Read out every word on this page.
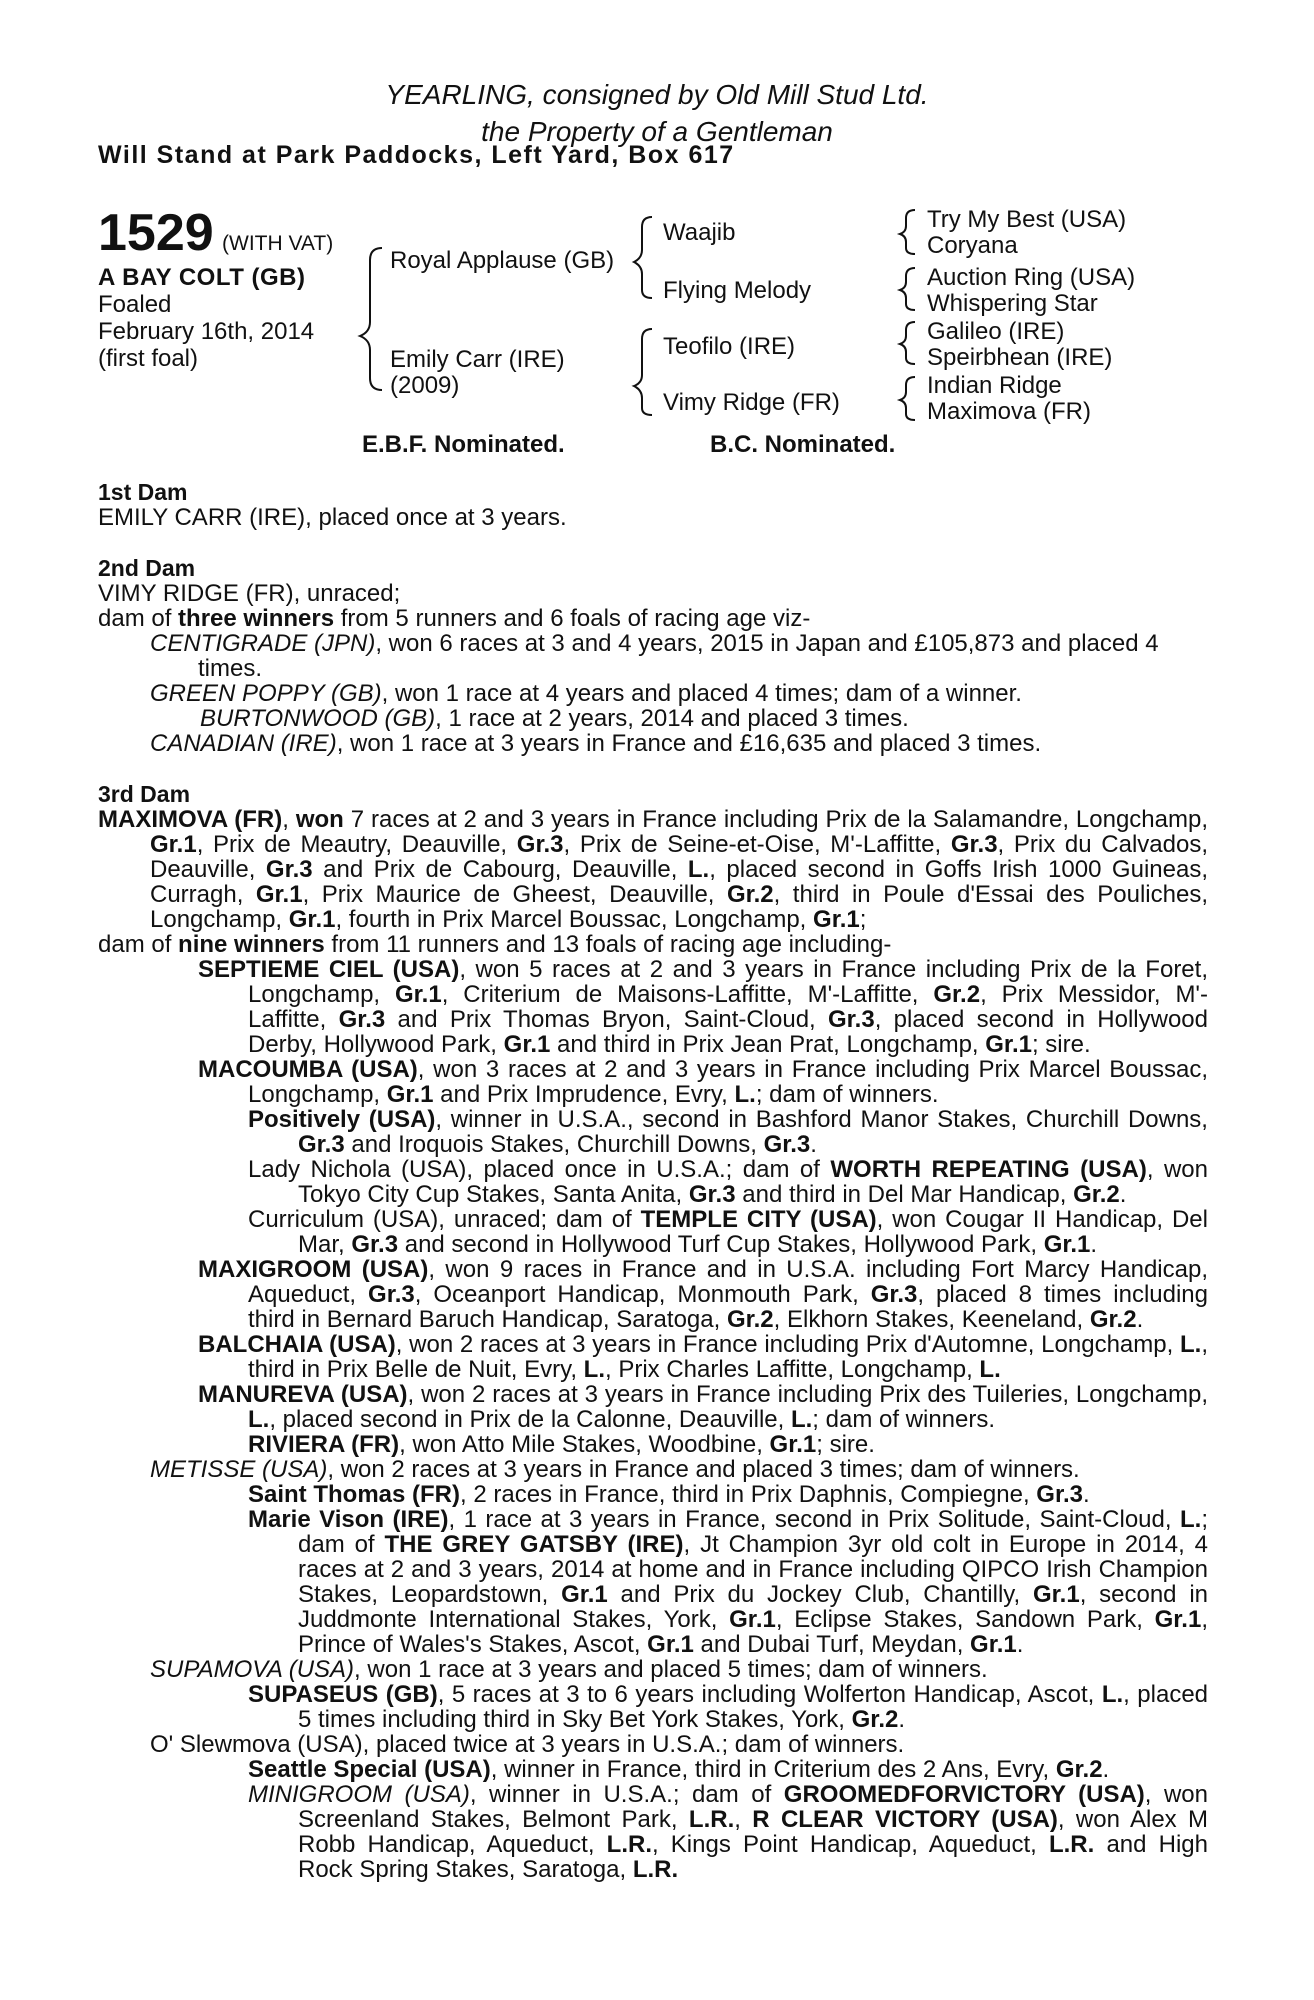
YEARLING, consigned by Old Mill Stud Ltd.
the Property of a Gentleman
Will Stand at Park Paddocks, Left Yard, Box 617
1529 (WITH VAT)
A BAY COLT (GB)
Foaled
February 16th, 2014
(first foal)
Royal Applause (GB)
Emily Carr (IRE)
(2009)
Waajib
Flying Melody
Teofilo (IRE)
Vimy Ridge (FR)
Try My Best (USA)
Coryana
Auction Ring (USA)
Whispering Star
Galileo (IRE)
Speirbhean (IRE)
Indian Ridge
Maximova (FR)
E.B.F. Nominated.	B.C. Nominated.

1st Dam

EMILY CARR (IRE), placed once at 3 years.

2nd Dam

VIMY RIDGE (FR), unraced;

dam of three winners from 5 runners and 6 foals of racing age viz-

CENTIGRADE (JPN), won 6 races at 3 and 4 years, 2015 in Japan and £105,873 and placed 4 times.

GREEN POPPY (GB), won 1 race at 4 years and placed 4 times; dam of a winner.

BURTONWOOD (GB), 1 race at 2 years, 2014 and placed 3 times.

CANADIAN (IRE), won 1 race at 3 years in France and £16,635 and placed 3 times.

3rd Dam

MAXIMOVA (FR), won 7 races at 2 and 3 years in France including Prix de la Salamandre, Longchamp, Gr.1, Prix de Meautry, Deauville, Gr.3, Prix de Seine-et-Oise, M'-Laffitte, Gr.3, Prix du Calvados, Deauville, Gr.3 and Prix de Cabourg, Deauville, L., placed second in Goffs Irish 1000 Guineas, Curragh, Gr.1, Prix Maurice de Gheest, Deauville, Gr.2, third in Poule d'Essai des Pouliches, Longchamp, Gr.1, fourth in Prix Marcel Boussac, Longchamp, Gr.1;

dam of nine winners from 11 runners and 13 foals of racing age including-

SEPTIEME CIEL (USA), won 5 races at 2 and 3 years in France including Prix de la Foret, Longchamp, Gr.1, Criterium de Maisons-Laffitte, M'-Laffitte, Gr.2, Prix Messidor, M'-Laffitte, Gr.3 and Prix Thomas Bryon, Saint-Cloud, Gr.3, placed second in Hollywood Derby, Hollywood Park, Gr.1 and third in Prix Jean Prat, Longchamp, Gr.1; sire.

MACOUMBA (USA), won 3 races at 2 and 3 years in France including Prix Marcel Boussac, Longchamp, Gr.1 and Prix Imprudence, Evry, L.; dam of winners.

Positively (USA), winner in U.S.A., second in Bashford Manor Stakes, Churchill Downs, Gr.3 and Iroquois Stakes, Churchill Downs, Gr.3.

Lady Nichola (USA), placed once in U.S.A.; dam of WORTH REPEATING (USA), won Tokyo City Cup Stakes, Santa Anita, Gr.3 and third in Del Mar Handicap, Gr.2.

Curriculum (USA), unraced; dam of TEMPLE CITY (USA), won Cougar II Handicap, Del Mar, Gr.3 and second in Hollywood Turf Cup Stakes, Hollywood Park, Gr.1.

MAXIGROOM (USA), won 9 races in France and in U.S.A. including Fort Marcy Handicap, Aqueduct, Gr.3, Oceanport Handicap, Monmouth Park, Gr.3, placed 8 times including third in Bernard Baruch Handicap, Saratoga, Gr.2, Elkhorn Stakes, Keeneland, Gr.2.

BALCHAIA (USA), won 2 races at 3 years in France including Prix d'Automne, Longchamp, L., third in Prix Belle de Nuit, Evry, L., Prix Charles Laffitte, Longchamp, L.

MANUREVA (USA), won 2 races at 3 years in France including Prix des Tuileries, Longchamp, L., placed second in Prix de la Calonne, Deauville, L.; dam of winners.

RIVIERA (FR), won Atto Mile Stakes, Woodbine, Gr.1; sire.

METISSE (USA), won 2 races at 3 years in France and placed 3 times; dam of winners.

Saint Thomas (FR), 2 races in France, third in Prix Daphnis, Compiegne, Gr.3.

Marie Vison (IRE), 1 race at 3 years in France, second in Prix Solitude, Saint-Cloud, L.; dam of THE GREY GATSBY (IRE), Jt Champion 3yr old colt in Europe in 2014, 4 races at 2 and 3 years, 2014 at home and in France including QIPCO Irish Champion Stakes, Leopardstown, Gr.1 and Prix du Jockey Club, Chantilly, Gr.1, second in Juddmonte International Stakes, York, Gr.1, Eclipse Stakes, Sandown Park, Gr.1, Prince of Wales's Stakes, Ascot, Gr.1 and Dubai Turf, Meydan, Gr.1.

SUPAMOVA (USA), won 1 race at 3 years and placed 5 times; dam of winners.

SUPASEUS (GB), 5 races at 3 to 6 years including Wolferton Handicap, Ascot, L., placed 5 times including third in Sky Bet York Stakes, York, Gr.2.

O' Slewmova (USA), placed twice at 3 years in U.S.A.; dam of winners.

Seattle Special (USA), winner in France, third in Criterium des 2 Ans, Evry, Gr.2.

MINIGROOM (USA), winner in U.S.A.; dam of GROOMEDFORVICTORY (USA), won Screenland Stakes, Belmont Park, L.R., R CLEAR VICTORY (USA), won Alex M Robb Handicap, Aqueduct, L.R., Kings Point Handicap, Aqueduct, L.R. and High Rock Spring Stakes, Saratoga, L.R.
